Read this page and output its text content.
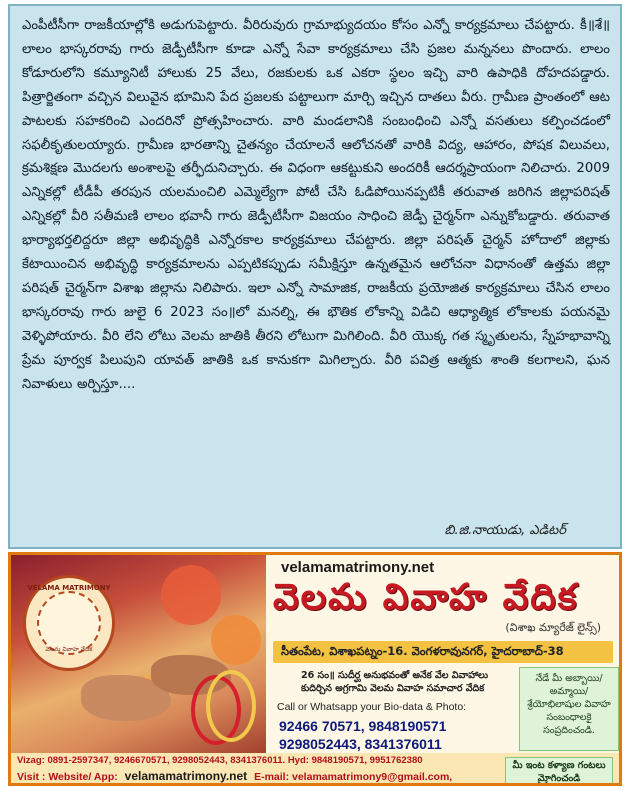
ఎంపీటీసీగా రాజకీయాల్లోకి అడుగుపెట్టారు. వీరిరువురు గ్రామాభ్యుదయం కోసం ఎన్నో కార్యక్రమాలు చేపట్టారు. కీ॥శే॥ లాలం భాస్కరరావు గారు జెడ్పీటీసీగా కూడా ఎన్నో సేవా కార్యక్రమాలు చేసి ప్రజల మన్ననలు పొందారు. లాలం కోడూరులోని కమ్యూనిటీ హాలుకు 25 వేలు, రజకులకు ఒక ఎకరా స్థలం ఇచ్చి వారి ఉపాధికి దోహదపడ్డారు. పిత్రార్జితంగా వచ్చిన విలువైన భూమిని పేద ప్రజలకు పట్టాలుగా మార్చి ఇచ్చిన దాతలు వీరు. గ్రామీణ ప్రాంతంలో ఆట పాటలకు సహకరించి ఎందరినో ప్రోత్సహించారు. వారి మండలానికి సంబంధించి ఎన్నో వసతులు కల్పించడంలో సఫలీకృతులయ్యారు. గ్రామీణ భారతాన్ని చైతన్యం చేయాలనే ఆలోచనతో వారికి విద్య, ఆహారం, పోషక విలువలు, క్రమశిక్షణ మొదలగు అంశాలపై తర్ఫీదునిచ్చారు. ఈ విధంగా ఆకట్టుకుని అందరికీ ఆదర్శప్రాయంగా నిలిచారు. 2009 ఎన్నికల్లో టీడీపీ తరపున యలమంచిలి ఎమ్మెల్యేగా పోటీ చేసి ఓడిపోయినప్పటికీ తరువాత జరిగిన జిల్లాపరిషత్ ఎన్నికల్లో వీరి సతీమణి లాలం భవానీ గారు జెడ్పీటీసీగా విజయం సాధించి జెడ్పీ చైర్మన్‌గా ఎన్నుకోబడ్డారు. తరువాత భార్యాభర్తలిద్దరూ జిల్లా అభివృద్ధికి ఎన్నోరకాల కార్యక్రమాలు చేపట్టారు. జిల్లా పరిషత్ చైర్మన్ హోదాలో జిల్లాకు కేటాయించిన అభివృద్ధి కార్యక్రమాలను ఎప్పటికప్పుడు సమీక్షిస్తూ ఉన్నతమైన ఆలోచనా విధానంతో ఉత్తమ జిల్లా పరిషత్ చైర్మన్‌గా విశాఖ జిల్లాను నిలిపారు. ఇలా ఎన్నో సామాజిక, రాజకీయ ప్రయోజిత కార్యక్రమాలు చేసిన లాలం భాస్కరరావు గారు జులై 6 2023 సం॥లో మనల్ని, ఈ భౌతిక లోకాన్ని విడిచి ఆధ్యాత్మిక లోకాలకు పయనమై వెళ్ళిపోయారు. వీరి లేని లోటు వెలమ జాతికి తీరని లోటుగా మిగిలింది. వీరి యొక్క గత స్మృతులను, స్నేహభావాన్ని ప్రేమ పూర్వక పిలుపుని యావత్ జాతికి ఒక కానుకగా మిగిల్చారు. వీరి పవిత్ర ఆత్మకు శాంతి కలగాలని, ఘన నివాళులు అర్పిస్తూ....

బి.జి.నాయుడు, ఎడిటర్
VELAMA MATRIMONY
వెలమ వివాహ వేదిక
velamamatrimony.net
వెలమ వివాహ వేదిక
(విశాఖ మ్యారేజ్ లైన్స్)
సీతంపేట, విశాఖపట్నం-16. వెంగళరావునగర్, హైదరాబాద్-38
26 సం॥ సుదీర్ఘ అనుభవంతో అనేక వేల వివాహాలు కుదిర్చిన అగ్రగామి వెలమ వివాహ సమాచార వేదిక
Call or Whatsapp your Bio-data & Photo:
92466 70571, 9848190571
9298052443, 8341376011
నేడే మీ అబ్బాయి/అమ్మాయి/ శ్రేయోభిలాషుల వివాహ సంబంధాలకై సంప్రదించండి.
Vizag: 0891-2597347, 9246670571, 9298052443, 8341376011. Hyd: 9848190571, 9951762380
Visit : Website/ App: velamamatrimony.net E-mail: velamamatrimony9@gmail.com,
మీ ఇంట కళ్యాణ గంటలు మ్రోగించండి
